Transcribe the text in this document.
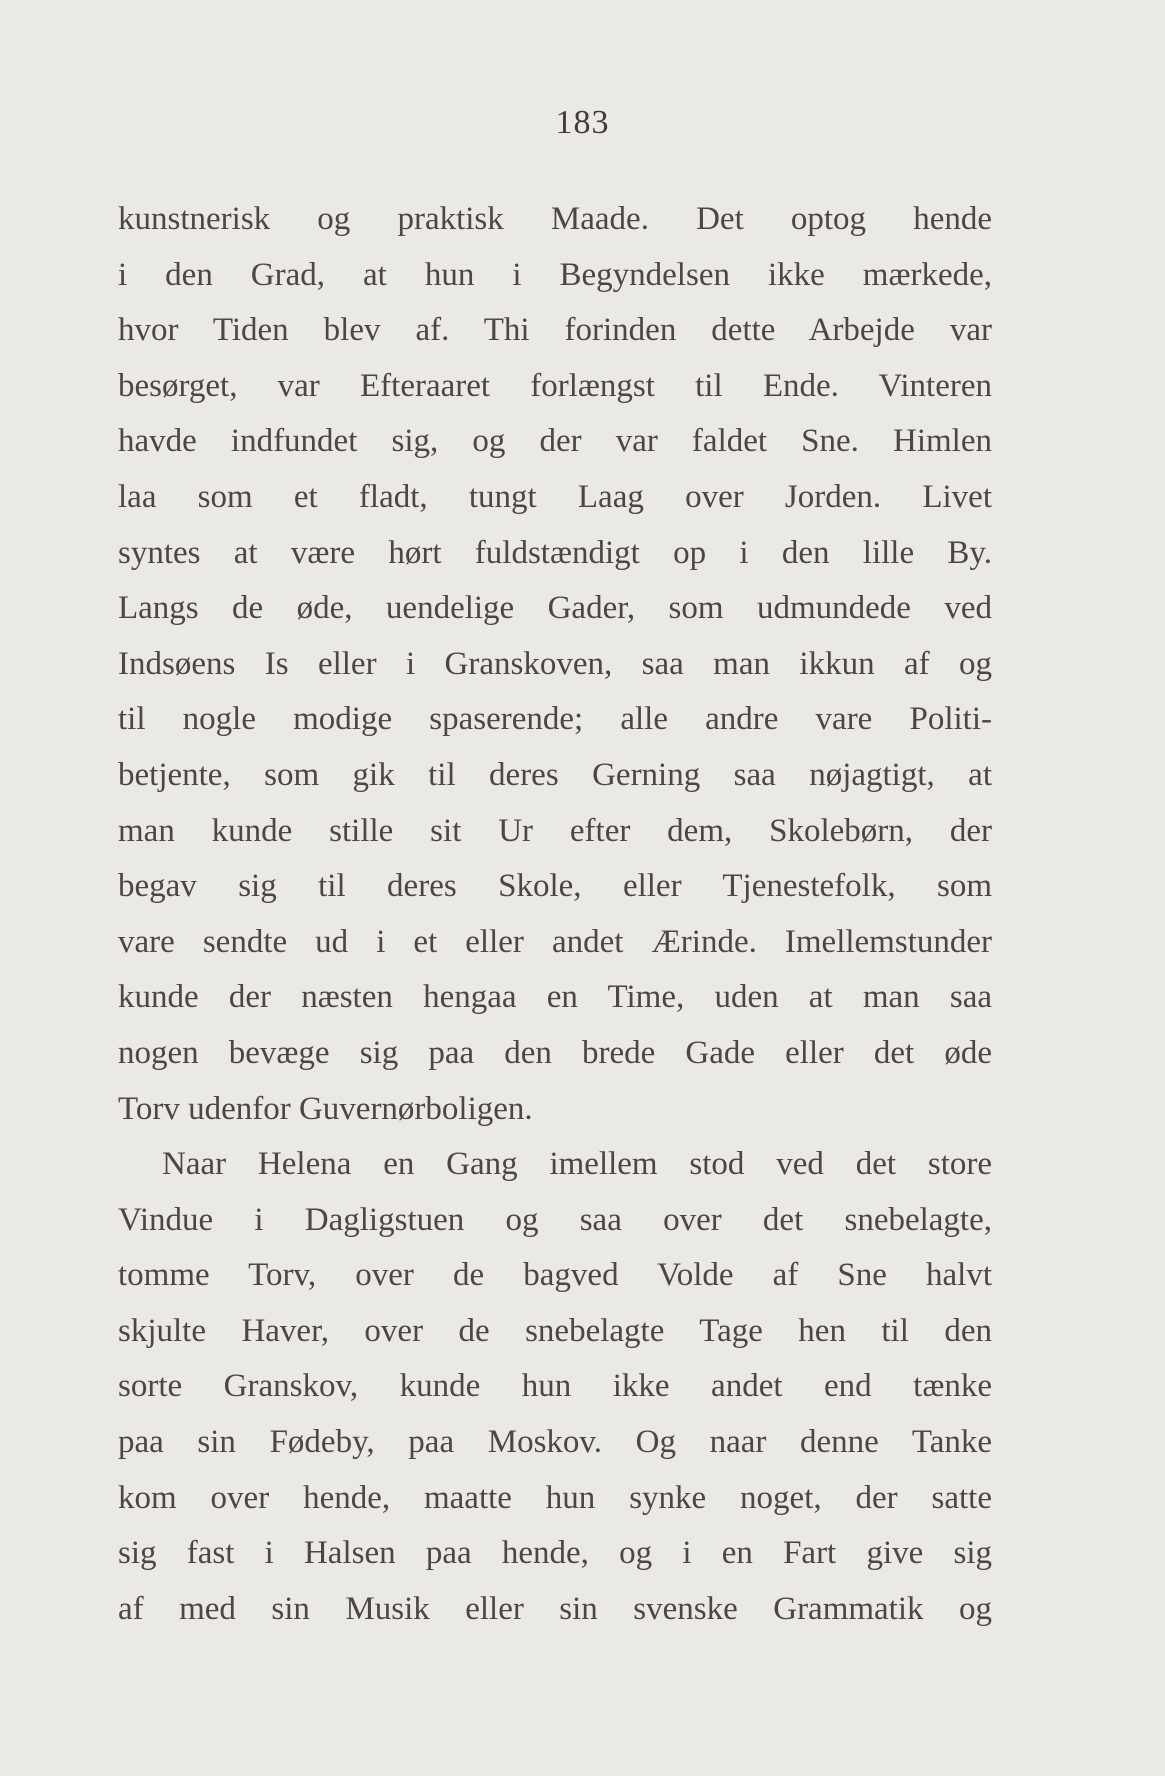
183
kunstnerisk og praktisk Maade. Det optog hende
i den Grad, at hun i Begyndelsen ikke mærkede,
hvor Tiden blev af. Thi forinden dette Arbejde var
besørget, var Efteraaret forlængst til Ende. Vinteren
havde indfundet sig, og der var faldet Sne. Himlen
laa som et fladt, tungt Laag over Jorden. Livet
syntes at være hørt fuldstændigt op i den lille By.
Langs de øde, uendelige Gader, som udmundede ved
Indsøens Is eller i Granskoven, saa man ikkun af og
til nogle modige spaserende; alle andre vare Politi-
betjente, som gik til deres Gerning saa nøjagtigt, at
man kunde stille sit Ur efter dem, Skolebørn, der
begav sig til deres Skole, eller Tjenestefolk, som
vare sendte ud i et eller andet Ærinde. Imellemstunder
kunde der næsten hengaa en Time, uden at man saa
nogen bevæge sig paa den brede Gade eller det øde
Torv udenfor Guvernørboligen.
Naar Helena en Gang imellem stod ved det store
Vindue i Dagligstuen og saa over det snebelagte,
tomme Torv, over de bagved Volde af Sne halvt
skjulte Haver, over de snebelagte Tage hen til den
sorte Granskov, kunde hun ikke andet end tænke
paa sin Fødeby, paa Moskov. Og naar denne Tanke
kom over hende, maatte hun synke noget, der satte
sig fast i Halsen paa hende, og i en Fart give sig
af med sin Musik eller sin svenske Grammatik og
